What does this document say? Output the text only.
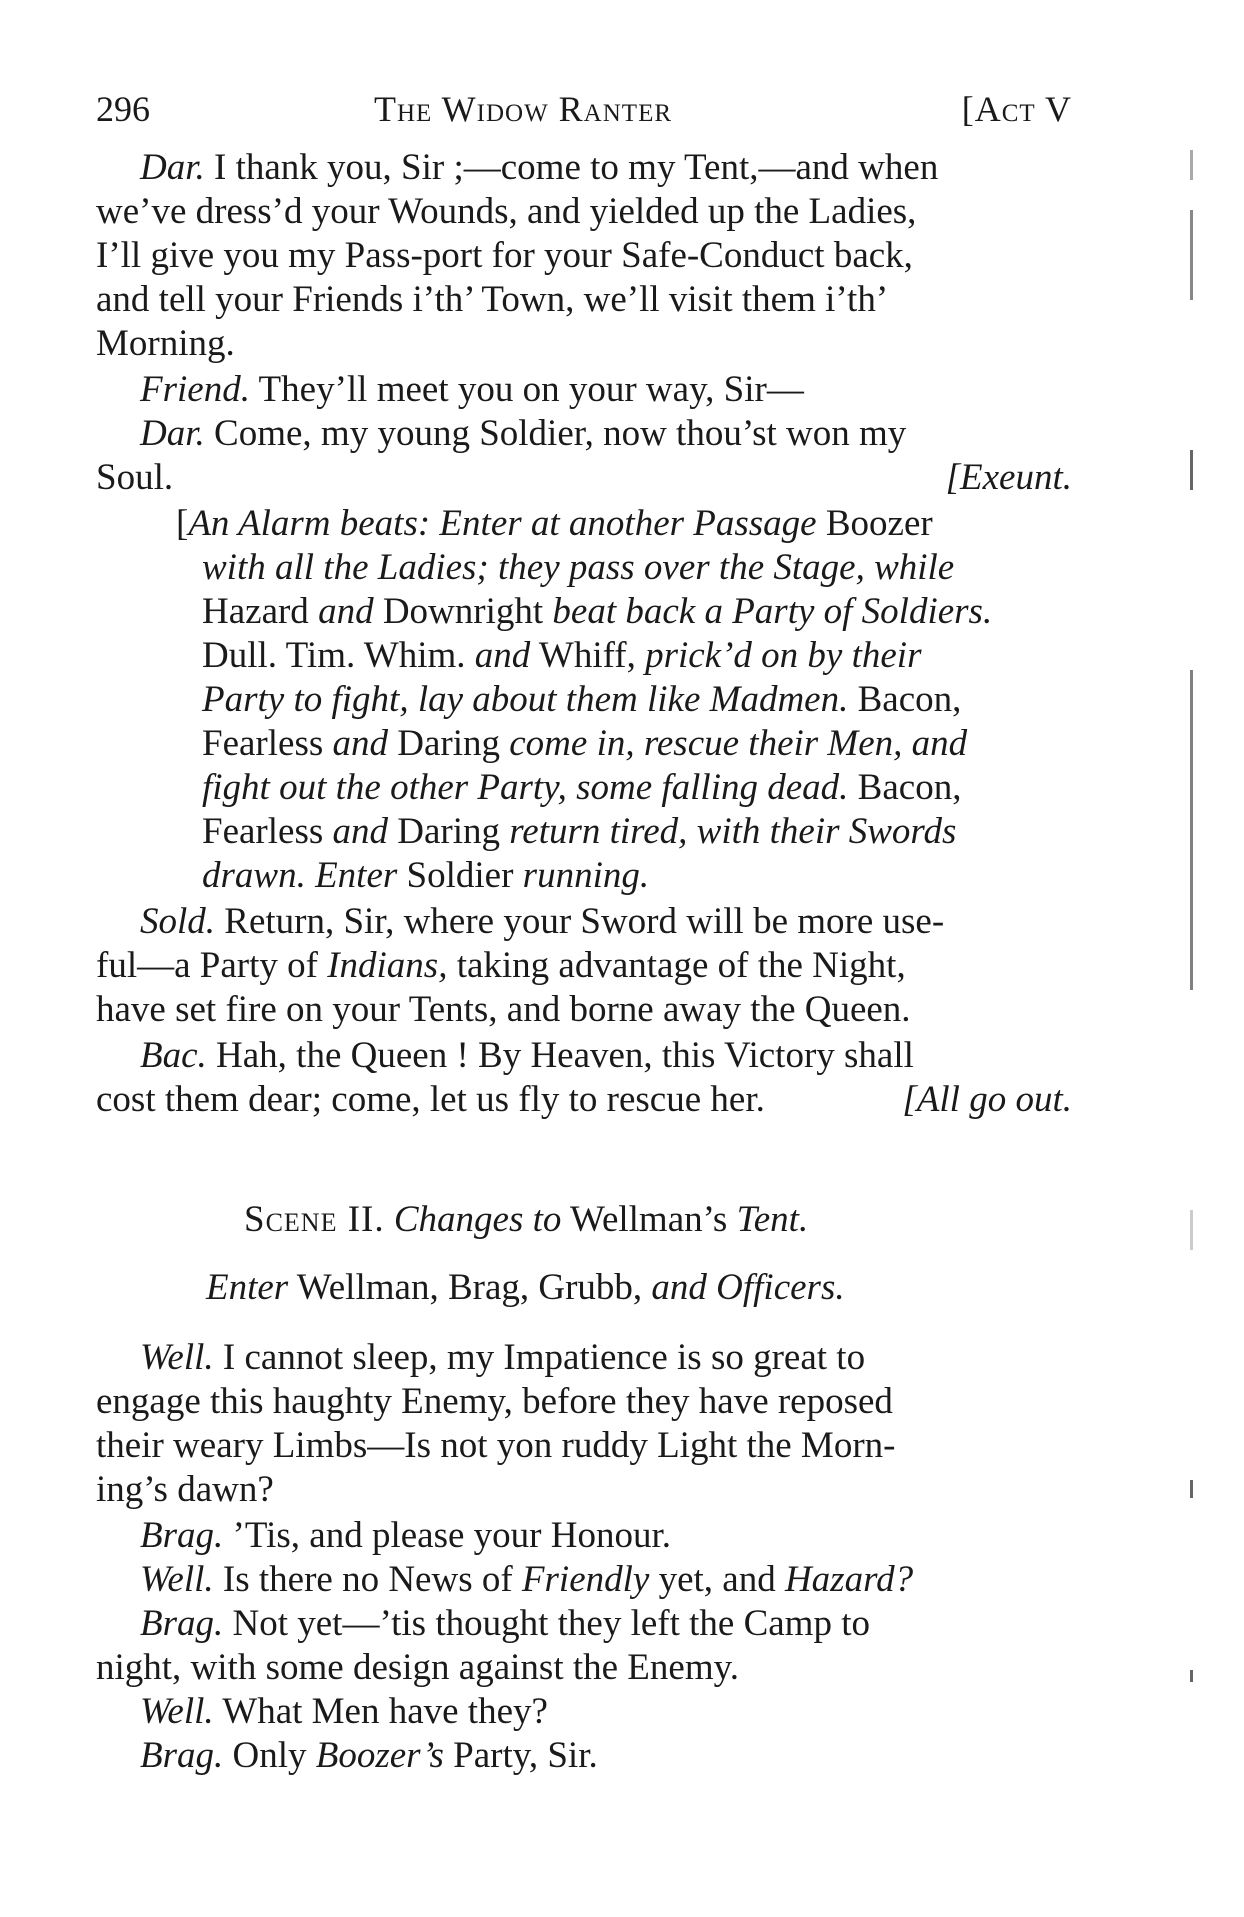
296	The Widow Ranter	[Act V
Dar. I thank you, Sir ;—come to my Tent,—and when
we’ve dress’d your Wounds, and yielded up the Ladies,
I’ll give you my Pass-port for your Safe-Conduct back,
and tell your Friends i’th’ Town, we’ll visit them i’th’
Morning.
Friend. They’ll meet you on your way, Sir—
Dar. Come, my young Soldier, now thou’st won my
Soul.	[Exeunt.
[An Alarm beats: Enter at another Passage Boozer
with all the Ladies; they pass over the Stage, while
Hazard and Downright beat back a Party of Soldiers.
Dull. Tim. Whim. and Whiff, prick’d on by their
Party to fight, lay about them like Madmen. Bacon,
Fearless and Daring come in, rescue their Men, and
fight out the other Party, some falling dead. Bacon,
Fearless and Daring return tired, with their Swords
drawn. Enter Soldier running.
Sold. Return, Sir, where your Sword will be more use-
ful—a Party of Indians, taking advantage of the Night,
have set fire on your Tents, and borne away the Queen.
Bac. Hah, the Queen ! By Heaven, this Victory shall
cost them dear; come, let us fly to rescue her.	[All go out.
Scene II. Changes to Wellman’s Tent.
Enter Wellman, Brag, Grubb, and Officers.
Well. I cannot sleep, my Impatience is so great to
engage this haughty Enemy, before they have reposed
their weary Limbs—Is not yon ruddy Light the Morn-
ing’s dawn?
Brag. ’Tis, and please your Honour.
Well. Is there no News of Friendly yet, and Hazard?
Brag. Not yet—’tis thought they left the Camp to
night, with some design against the Enemy.
Well. What Men have they?
Brag. Only Boozer’s Party, Sir.
